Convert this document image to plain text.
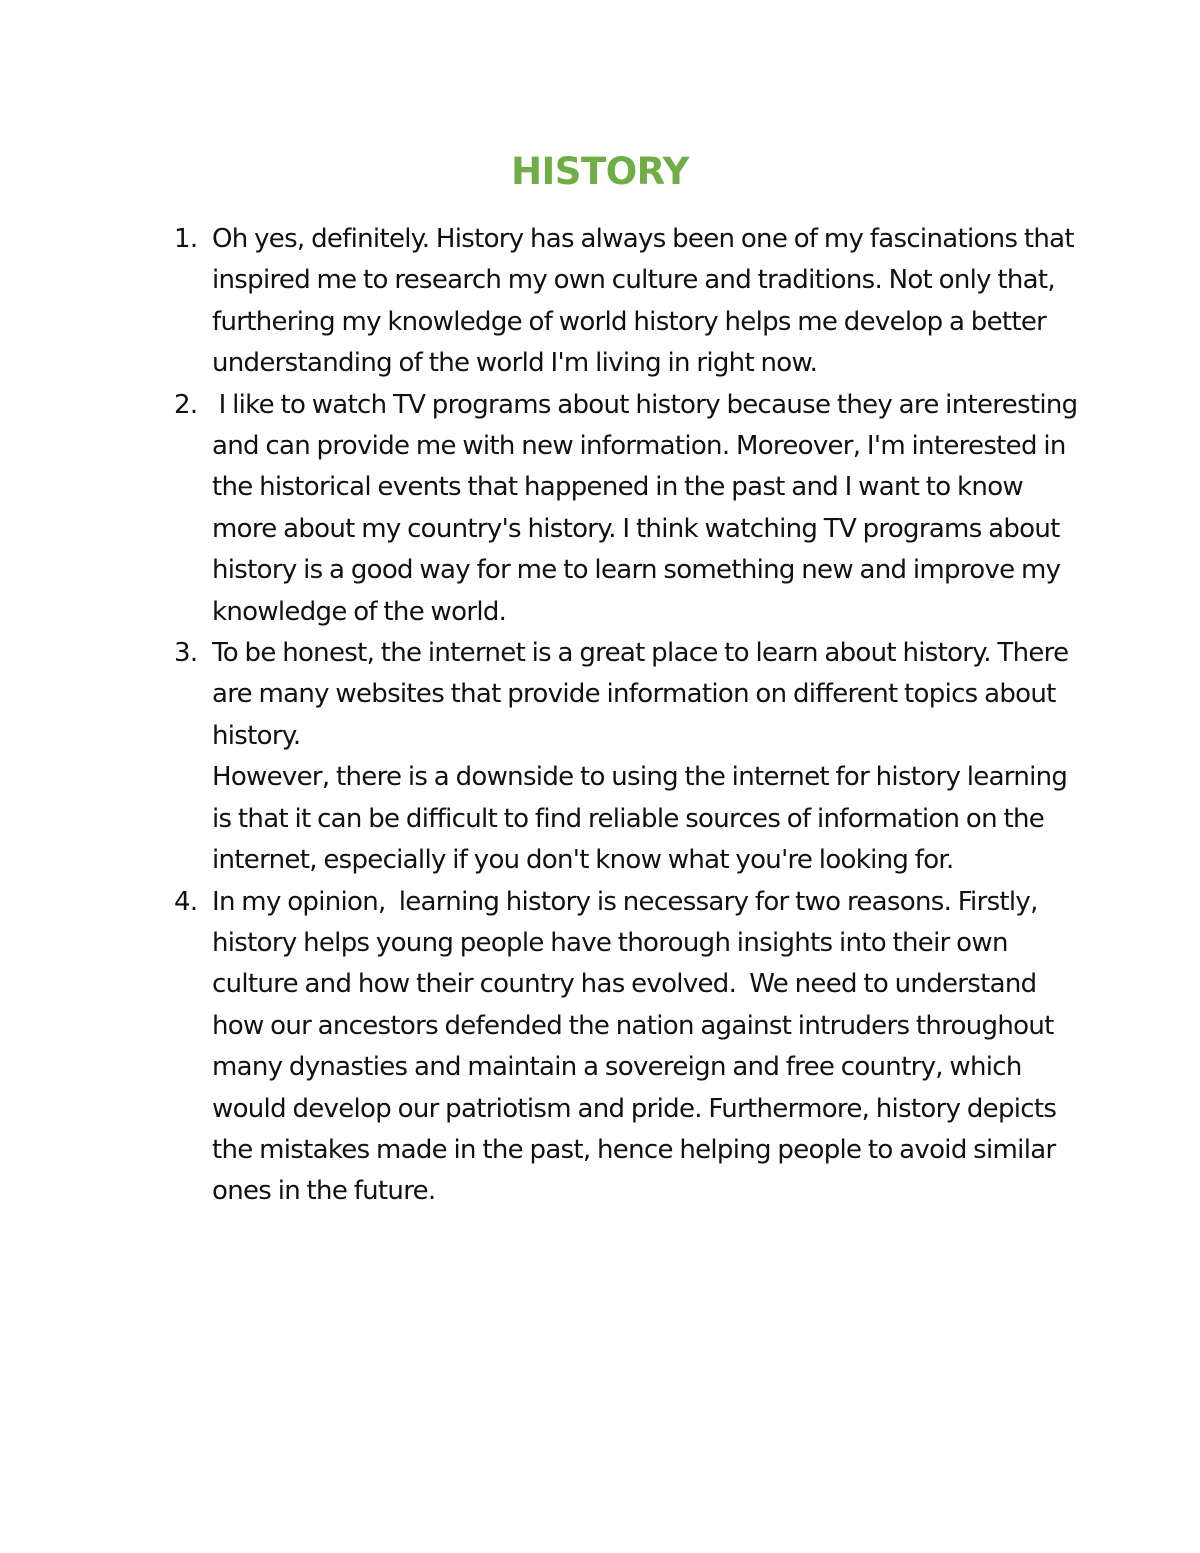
HISTORY
1. Oh yes, definitely. History has always been one of my fascinations that inspired me to research my own culture and traditions. Not only that, furthering my knowledge of world history helps me develop a better understanding of the world I'm living in right now.
2. I like to watch TV programs about history because they are interesting and can provide me with new information. Moreover, I'm interested in the historical events that happened in the past and I want to know more about my country's history. I think watching TV programs about history is a good way for me to learn something new and improve my knowledge of the world.
3. To be honest, the internet is a great place to learn about history. There are many websites that provide information on different topics about history.
However, there is a downside to using the internet for history learning is that it can be difficult to find reliable sources of information on the internet, especially if you don't know what you're looking for.
4. In my opinion,  learning history is necessary for two reasons. Firstly, history helps young people have thorough insights into their own culture and how their country has evolved.  We need to understand how our ancestors defended the nation against intruders throughout many dynasties and maintain a sovereign and free country, which would develop our patriotism and pride. Furthermore, history depicts the mistakes made in the past, hence helping people to avoid similar ones in the future.
